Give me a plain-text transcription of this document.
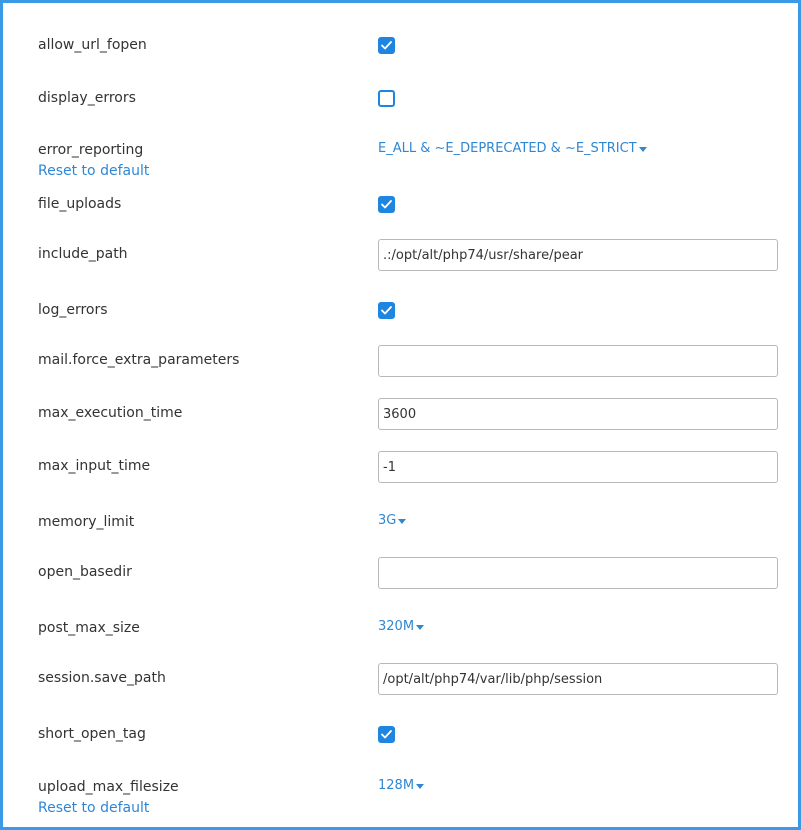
allow_url_fopen
display_errors
error_reporting
Reset to default
E_ALL & ~E_DEPRECATED & ~E_STRICT
file_uploads
include_path
.:/opt/alt/php74/usr/share/pear
log_errors
mail.force_extra_parameters
max_execution_time
3600
max_input_time
-1
memory_limit	3G
open_basedir
post_max_size	320M
session.save_path
/opt/alt/php74/var/lib/php/session
short_open_tag
upload_max_filesize
Reset to default
128M
